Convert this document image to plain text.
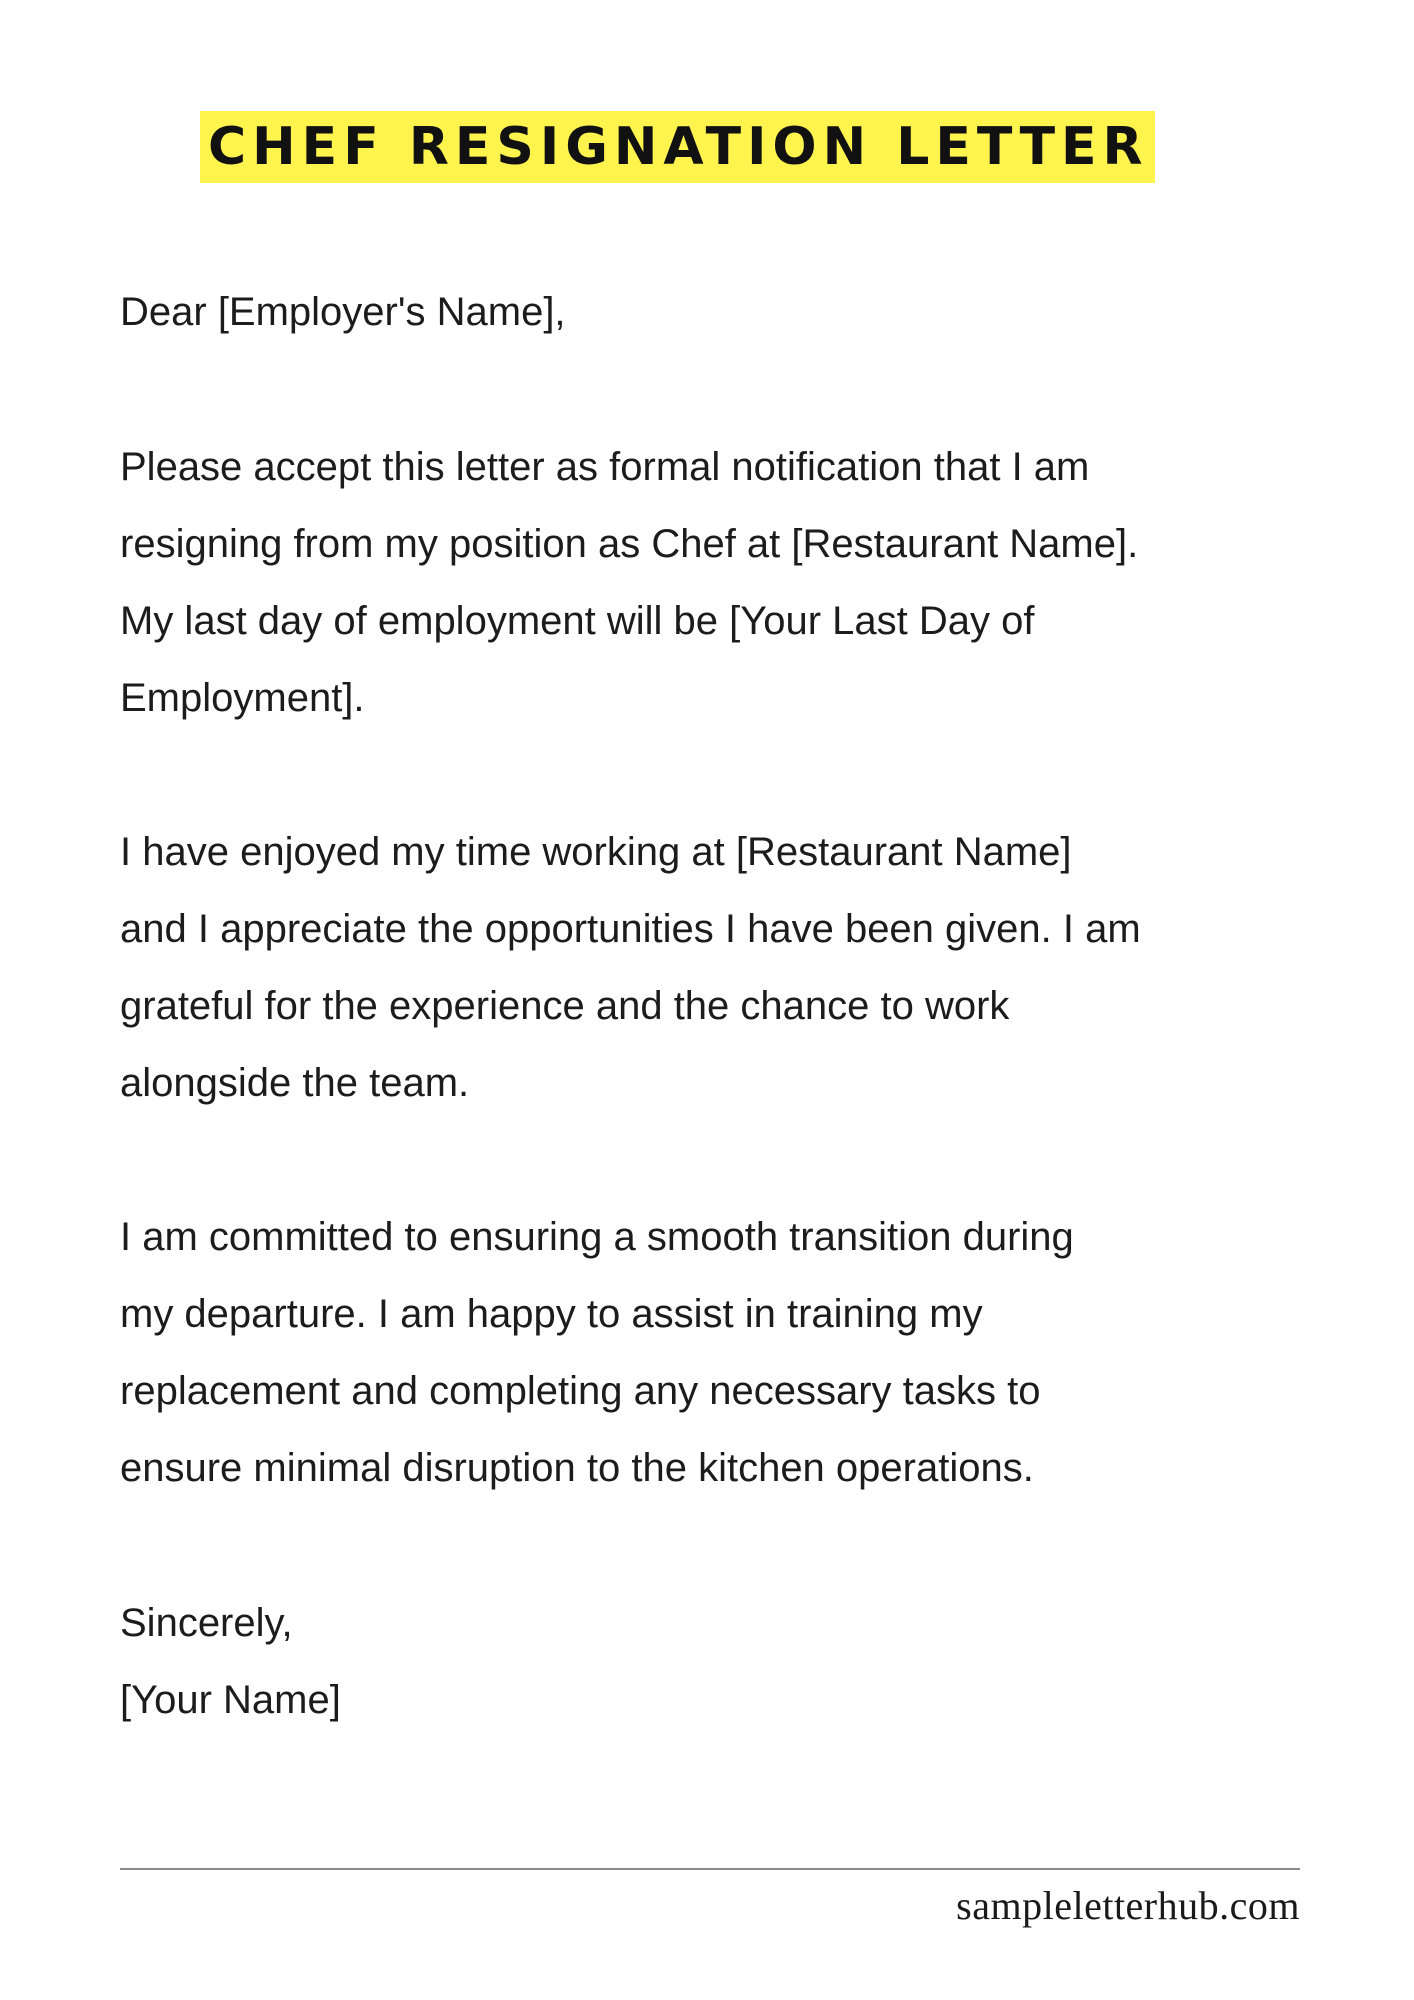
CHEF RESIGNATION LETTER
Dear [Employer's Name],
Please accept this letter as formal notification that I am
resigning from my position as Chef at [Restaurant Name].
My last day of employment will be [Your Last Day of
Employment].
I have enjoyed my time working at [Restaurant Name]
and I appreciate the opportunities I have been given. I am
grateful for the experience and the chance to work
alongside the team.
I am committed to ensuring a smooth transition during
my departure. I am happy to assist in training my
replacement and completing any necessary tasks to
ensure minimal disruption to the kitchen operations.
Sincerely,
[Your Name]
sampleletterhub.com
